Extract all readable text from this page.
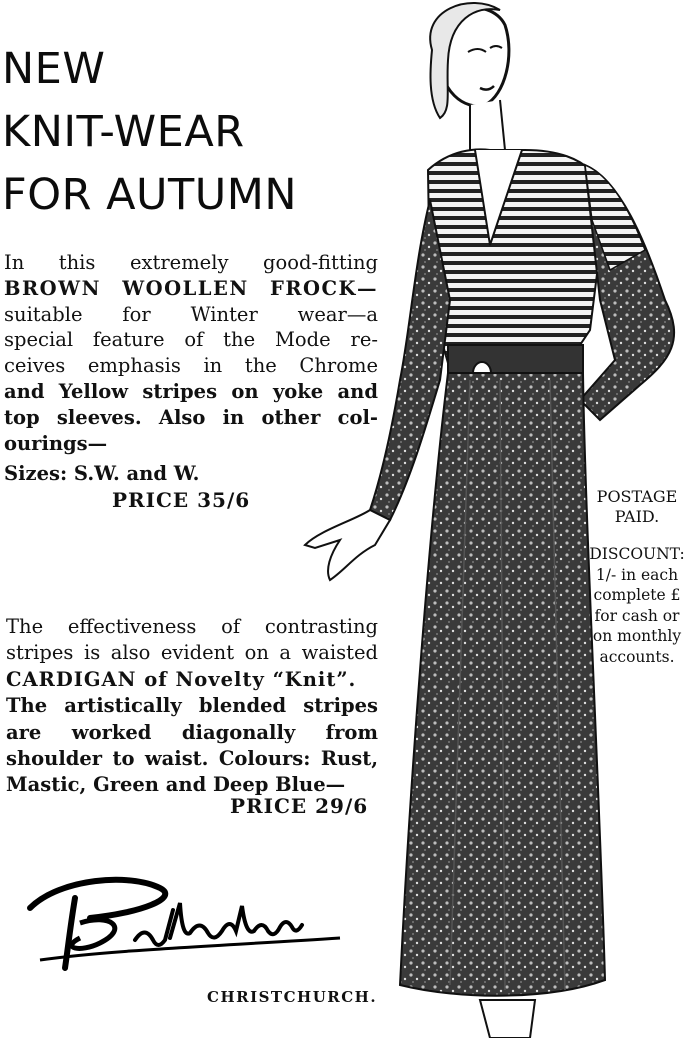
NEW
KNIT-WEAR
FOR AUTUMN
In this extremely good-fitting
BROWN WOOLLEN FROCK—
suitable for Winter wear—a
special feature of the Mode re-
ceives emphasis in the Chrome
and Yellow stripes on yoke and
top sleeves. Also in other col-
ourings—
Sizes: S.W. and W.
PRICE 35/6
The effectiveness of contrasting
stripes is also evident on a waisted
CARDIGAN of Novelty “Knit”.
The artistically blended stripes
are worked diagonally from
shoulder to waist. Colours: Rust,
Mastic, Green and Deep Blue—
PRICE 29/6
POSTAGE
PAID.
DISCOUNT:
1/- in each
complete £
for cash or
on monthly
accounts.
CHRISTCHURCH.
